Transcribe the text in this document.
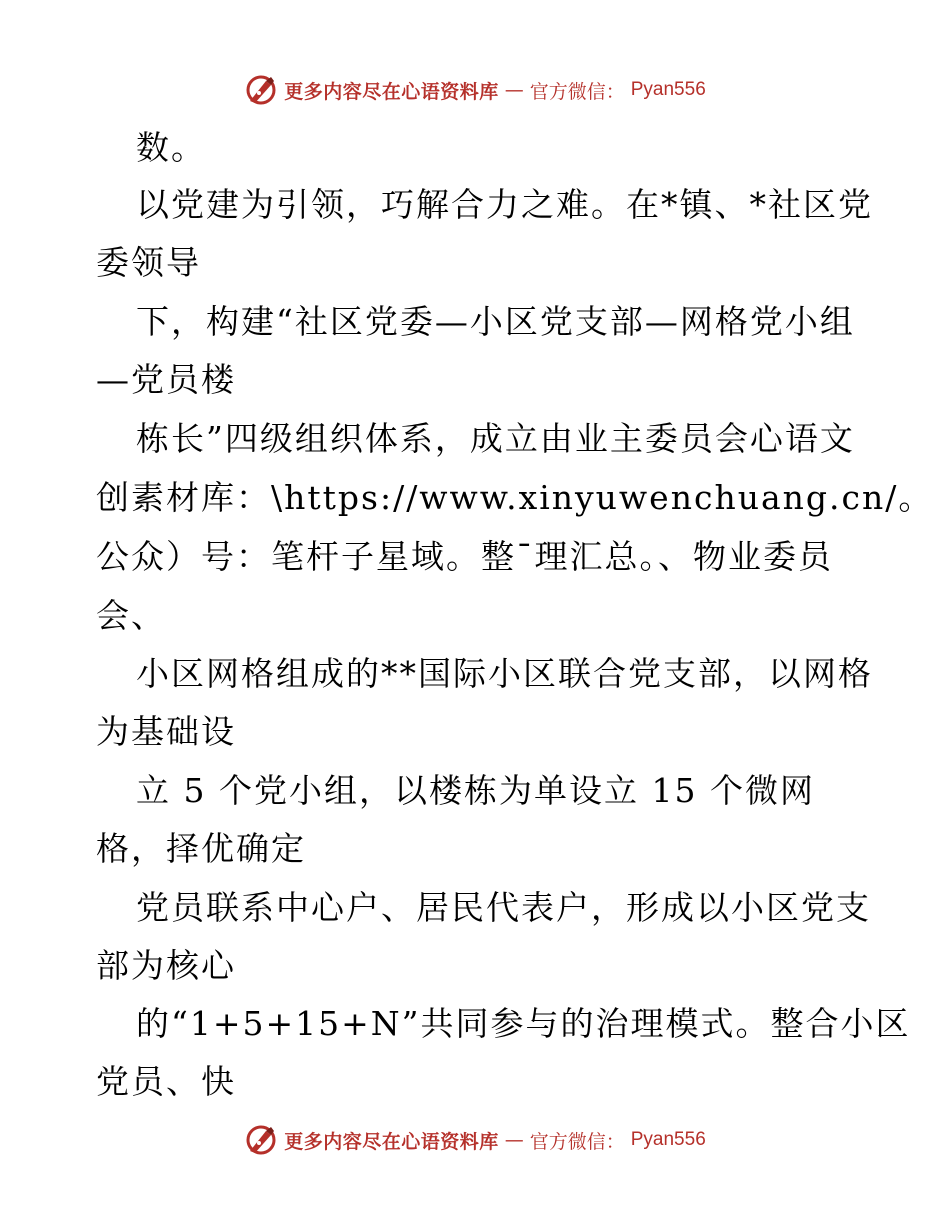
更多内容尽在心语资料库 — 官方微信： Pyan556
数。
以党建为引领，巧解合力之难。在*镇、*社区党
委领导
下，构建“社区党委—小区党支部—网格党小组
—党员楼
栋长”四级组织体系，成立由业主委员会心语文
创素材库：\https://www.xinyuwenchuang.cn/。
公众）号：笔杆子星域。整¯理汇总。、物业委员
会、
小区网格组成的**国际小区联合党支部，以网格
为基础设
立 5 个党小组，以楼栋为单设立 15 个微网
格，择优确定
党员联系中心户、居民代表户，形成以小区党支
部为核心
的“1+5+15+N”共同参与的治理模式。整合小区
党员、快
更多内容尽在心语资料库 — 官方微信： Pyan556
